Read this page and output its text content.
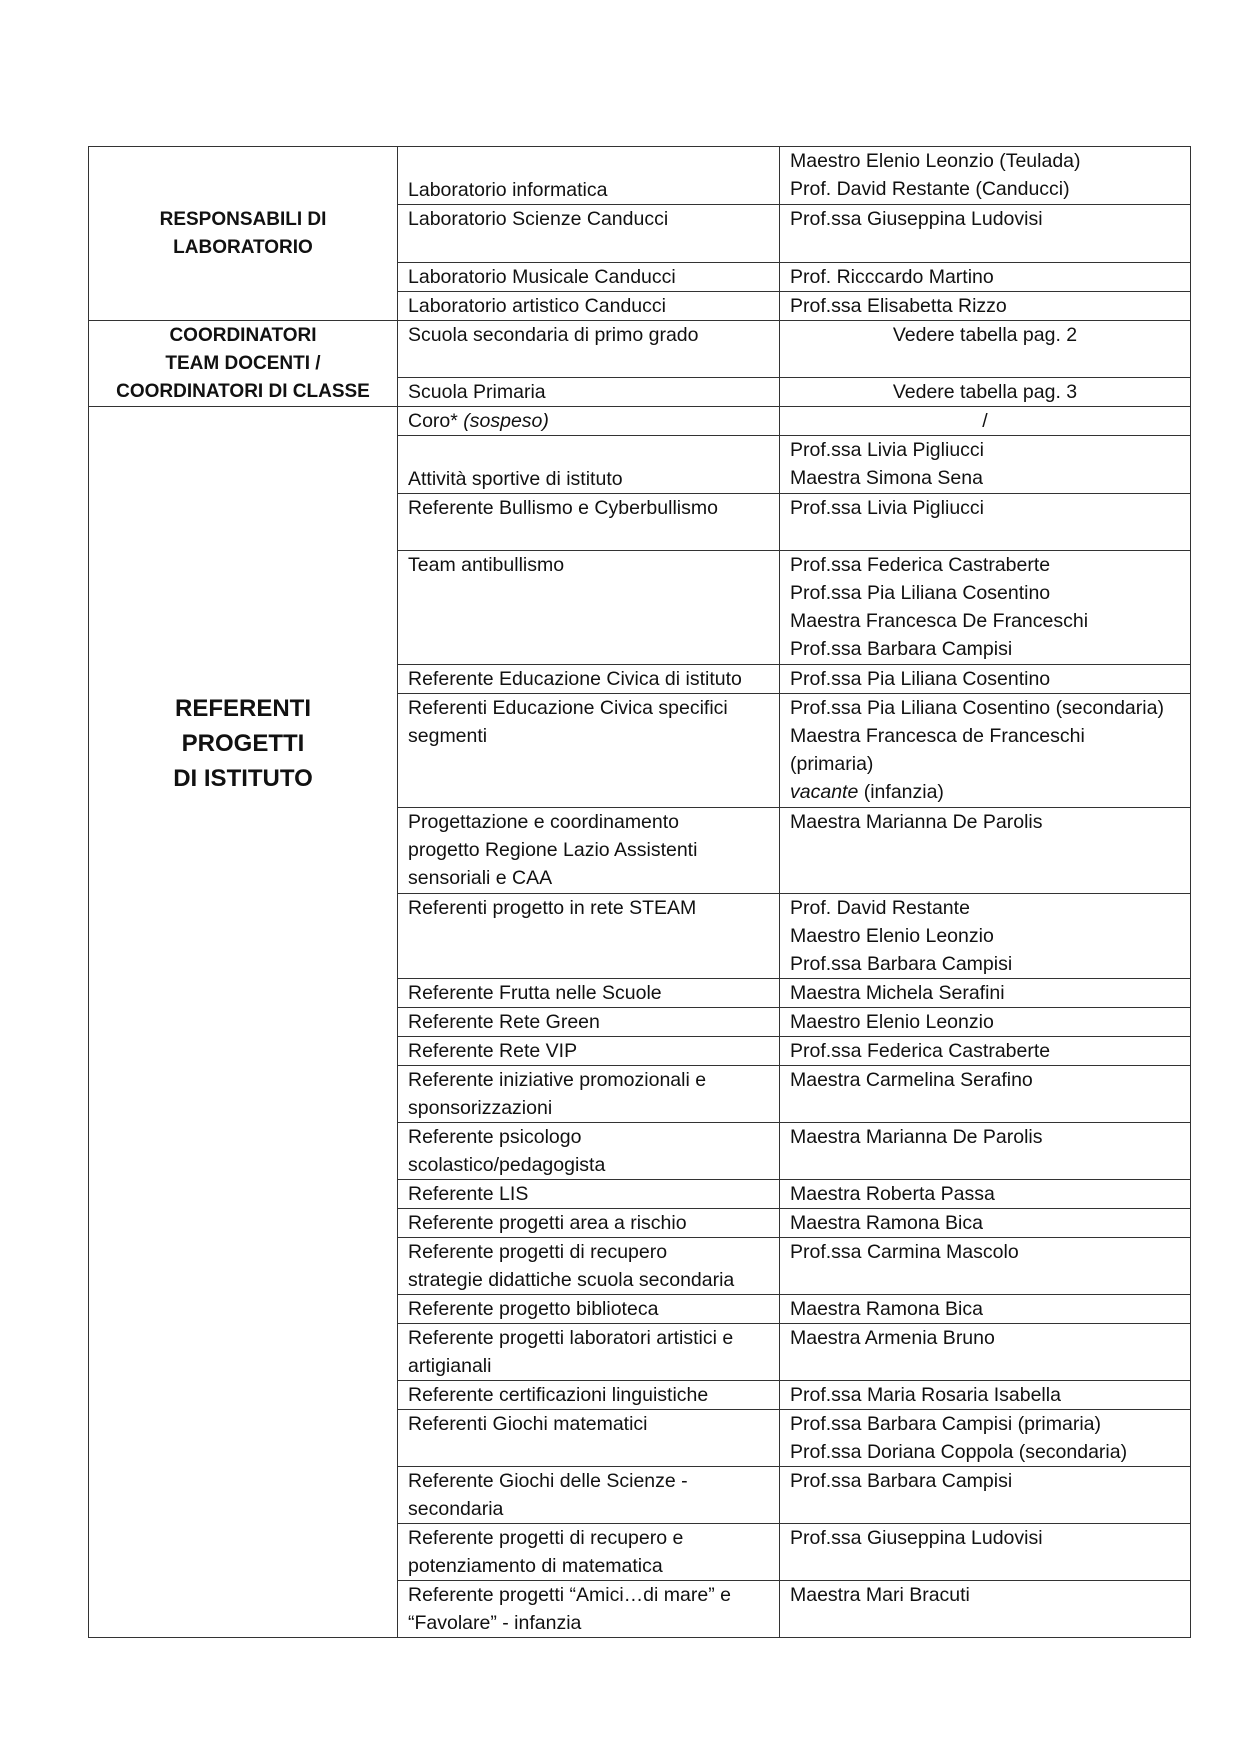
RESPONSABILI DI
LABORATORIO	Laboratorio informatica	Maestro Elenio Leonzio (Teulada)
Prof. David Restante (Canducci)

	Laboratorio Scienze Canducci	Prof.ssa Giuseppina Ludovisi

	Laboratorio Musicale Canducci	Prof. Ricccardo Martino

	Laboratorio artistico Canducci	Prof.ssa Elisabetta Rizzo

COORDINATORI
TEAM DOCENTI /
COORDINATORI DI CLASSE	Scuola secondaria di primo grado	Vedere tabella pag. 2

	Scuola Primaria	Vedere tabella pag. 3

REFERENTI
PROGETTI
DI ISTITUTO	Coro* (sospeso)	/

	Attività sportive di istituto	Prof.ssa Livia Pigliucci
Maestra Simona Sena

	Referente Bullismo e Cyberbullismo	Prof.ssa Livia Pigliucci

	Team antibullismo	Prof.ssa Federica Castraberte
Prof.ssa Pia Liliana Cosentino
Maestra Francesca De Franceschi
Prof.ssa Barbara Campisi

	Referente Educazione Civica di istituto	Prof.ssa Pia Liliana Cosentino

	Referenti Educazione Civica specifici
segmenti	Prof.ssa Pia Liliana Cosentino (secondaria)
Maestra Francesca de Franceschi
(primaria)
vacante (infanzia)

	Progettazione e coordinamento
progetto Regione Lazio Assistenti
sensoriali e CAA	Maestra Marianna De Parolis

	Referenti progetto in rete STEAM	Prof. David Restante
Maestro Elenio Leonzio
Prof.ssa Barbara Campisi

	Referente Frutta nelle Scuole	Maestra Michela Serafini

	Referente Rete Green	Maestro Elenio Leonzio

	Referente Rete VIP	Prof.ssa Federica Castraberte

	Referente iniziative promozionali e
sponsorizzazioni	Maestra Carmelina Serafino

	Referente psicologo
scolastico/pedagogista	Maestra Marianna De Parolis

	Referente LIS	Maestra Roberta Passa

	Referente progetti area a rischio	Maestra Ramona Bica

	Referente progetti di recupero
strategie didattiche scuola secondaria	Prof.ssa Carmina Mascolo

	Referente progetto biblioteca	Maestra Ramona Bica

	Referente progetti laboratori artistici e
artigianali	Maestra Armenia Bruno

	Referente certificazioni linguistiche	Prof.ssa Maria Rosaria Isabella

	Referenti Giochi matematici	Prof.ssa Barbara Campisi (primaria)
Prof.ssa Doriana Coppola (secondaria)

	Referente Giochi delle Scienze -
secondaria	Prof.ssa Barbara Campisi

	Referente progetti di recupero e
potenziamento di matematica	Prof.ssa Giuseppina Ludovisi

	Referente progetti “Amici…di mare” e
“Favolare” - infanzia	Maestra Mari Bracuti
